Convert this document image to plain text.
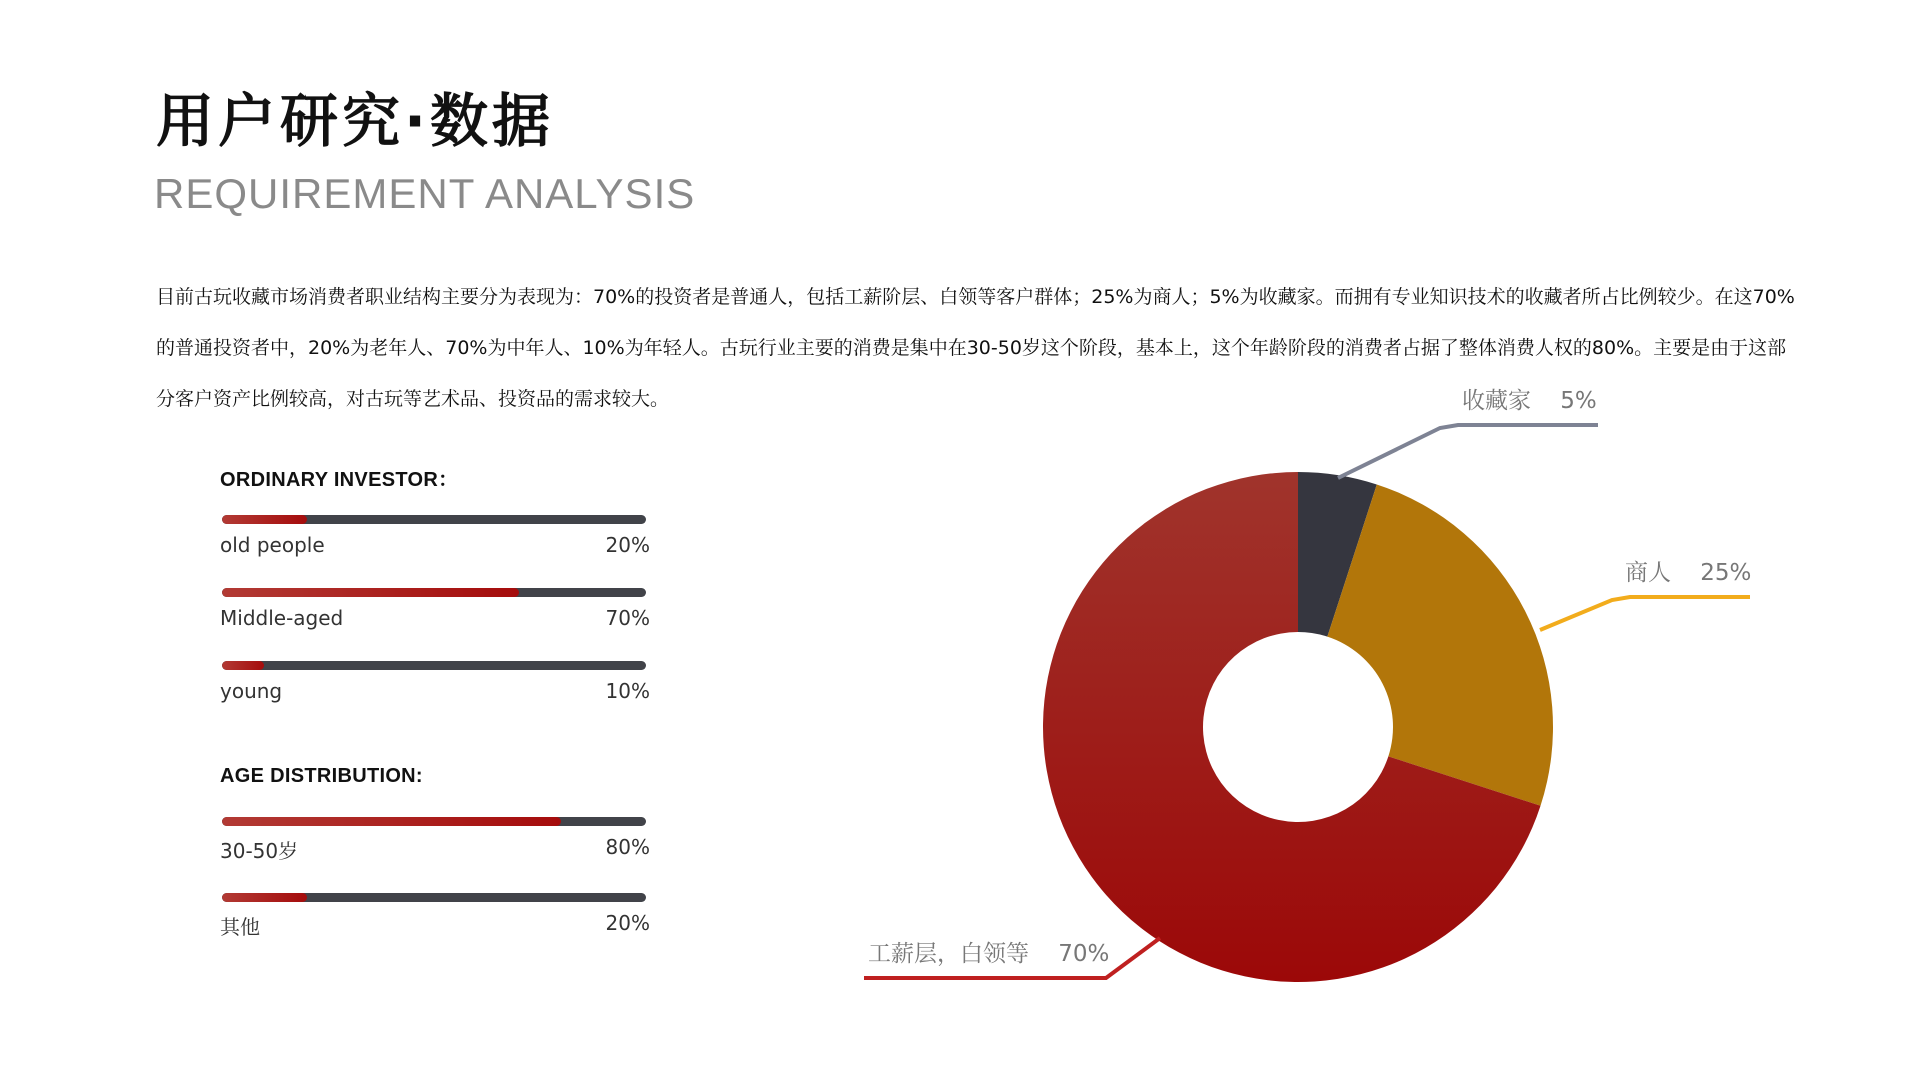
用户研究·数据
REQUIREMENT ANALYSIS
目前古玩收藏市场消费者职业结构主要分为表现为：70%的投资者是普通人，包括工薪阶层、白领等客户群体；25%为商人；5%为收藏家。而拥有专业知识技术的收藏者所占比例较少。在这70%的普通投资者中，20%为老年人、70%为中年人、10%为年轻人。古玩行业主要的消费是集中在30-50岁这个阶段，基本上，这个年龄阶段的消费者占据了整体消费人权的80%。主要是由于这部分客户资产比例较高，对古玩等艺术品、投资品的需求较大。
ORDINARY INVESTOR：
old people	20%
Middle-aged	70%
young	10%
AGE DISTRIBUTION:
30-50岁	80%
其他	20%
收藏家    5%
商人    25%
工薪层，白领等    70%
